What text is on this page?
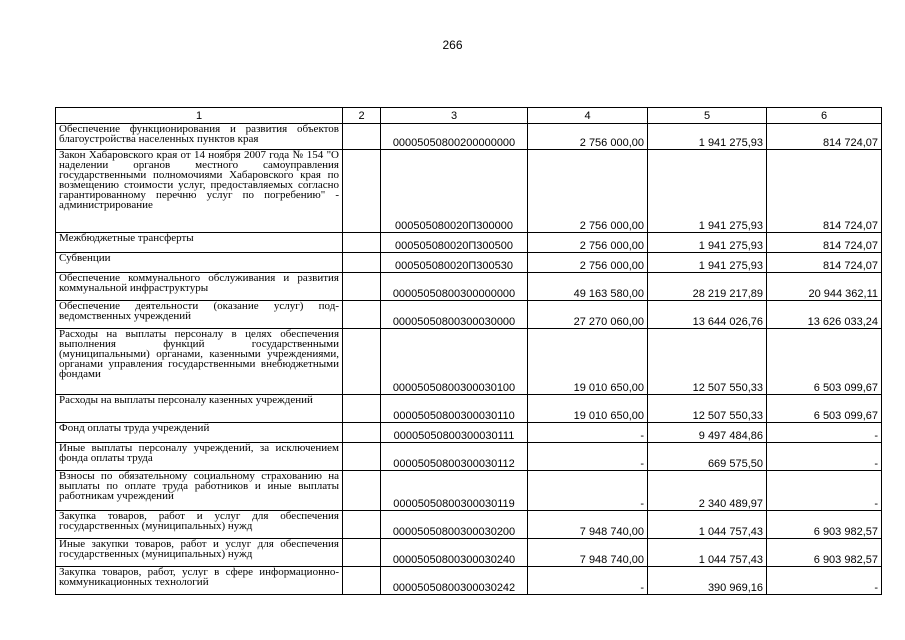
266
1	2	3	4	5	6
Обеспечение функционирования и развития объектов благоустройства населенных пунктов края		00005050800200000000	2 756 000,00	1 941 275,93	814 724,07
Закон Хабаровского края от 14 ноября 2007 года № 154 "О наделении органов местного самоуправления государственными полномочиями Хабаровского края по возмещению стоимости услуг, предоставляемых согласно гарантированному перечню услуг по погребению" - администрирование		000505080020П300000	2 756 000,00	1 941 275,93	814 724,07
Межбюджетные трансферты		000505080020П300500	2 756 000,00	1 941 275,93	814 724,07
Субвенции		000505080020П300530	2 756 000,00	1 941 275,93	814 724,07
Обеспечение коммунального обслуживания и развития коммунальной инфраструктуры		00005050800300000000	49 163 580,00	28 219 217,89	20 944 362,11
Обеспечение деятельности (оказание услуг) подведомственных учреждений		00005050800300030000	27 270 060,00	13 644 026,76	13 626 033,24
Расходы на выплаты персоналу в целях обеспечения выполнения функций государственными (муниципальными) органами, казенными учреждениями, органами управления государственными внебюджетными фондами		00005050800300030100	19 010 650,00	12 507 550,33	6 503 099,67
Расходы на выплаты персоналу казенных учреждений		00005050800300030110	19 010 650,00	12 507 550,33	6 503 099,67
Фонд оплаты труда учреждений		00005050800300030111	-	9 497 484,86	-
Иные выплаты персоналу учреждений, за исключением фонда оплаты труда		00005050800300030112	-	669 575,50	-
Взносы по обязательному социальному страхованию на выплаты по оплате труда работников и иные выплаты работникам учреждений		00005050800300030119	-	2 340 489,97	-
Закупка товаров, работ и услуг для обеспечения государственных (муниципальных) нужд		00005050800300030200	7 948 740,00	1 044 757,43	6 903 982,57
Иные закупки товаров, работ и услуг для обеспечения государственных (муниципальных) нужд		00005050800300030240	7 948 740,00	1 044 757,43	6 903 982,57
Закупка товаров, работ, услуг в сфере информационно-коммуникационных технологий		00005050800300030242	-	390 969,16	-
